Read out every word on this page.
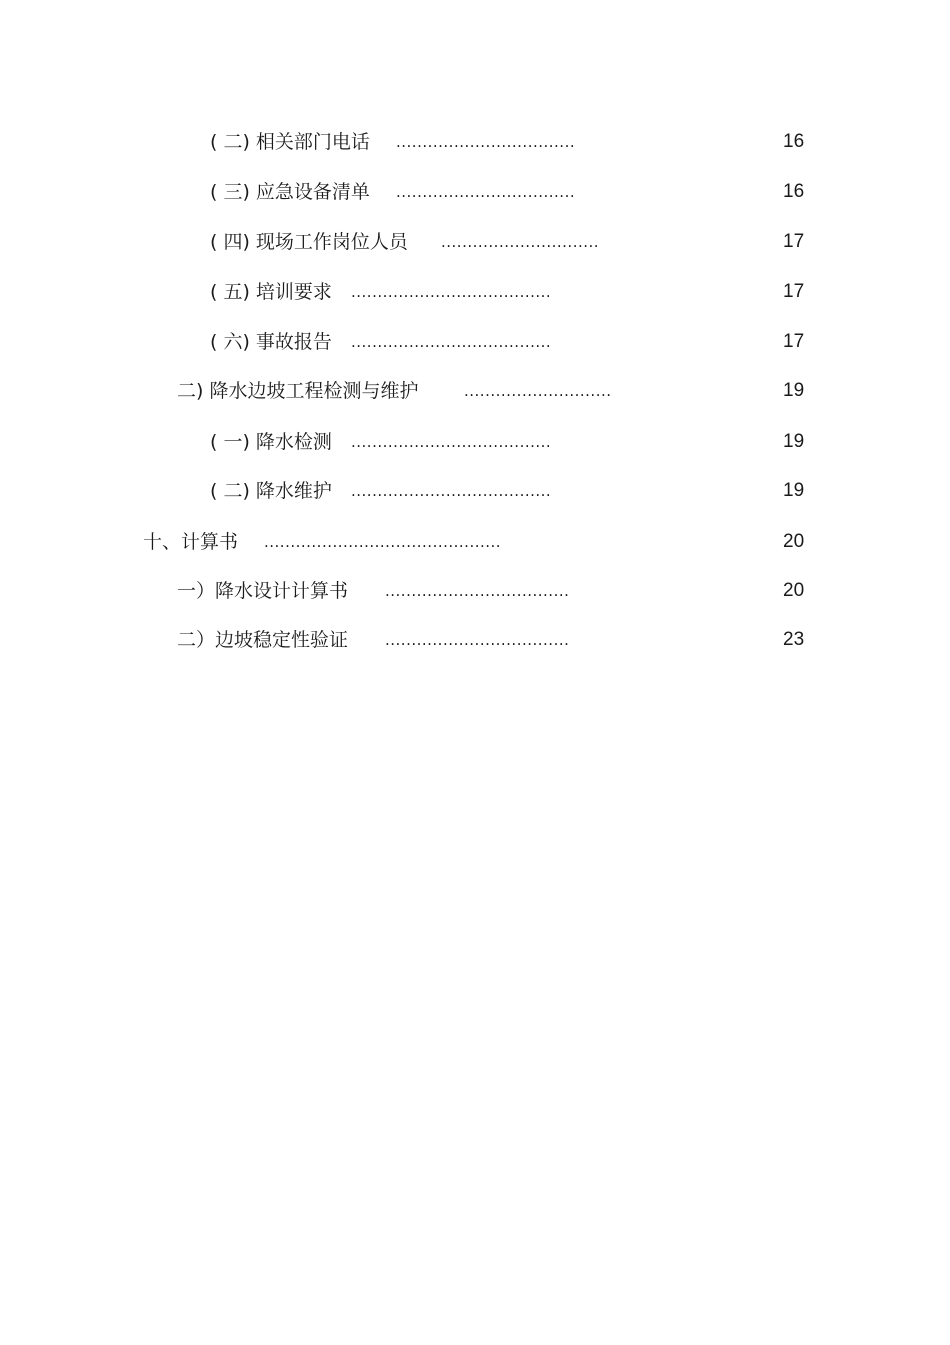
( 二) 相关部门电话 ..................................	16
( 三) 应急设备清单 ..................................	16
( 四) 现场工作岗位人员 ..............................	17
( 五) 培训要求 ......................................	17
( 六) 事故报告 ......................................	17
二) 降水边坡工程检测与维护	............................	19
( 一) 降水检测 ......................................	19
( 二) 降水维护 ......................................	19
十、计算书 .............................................	20
一）降水设计计算书 ...................................	20
二）边坡稳定性验证 ...................................	23
